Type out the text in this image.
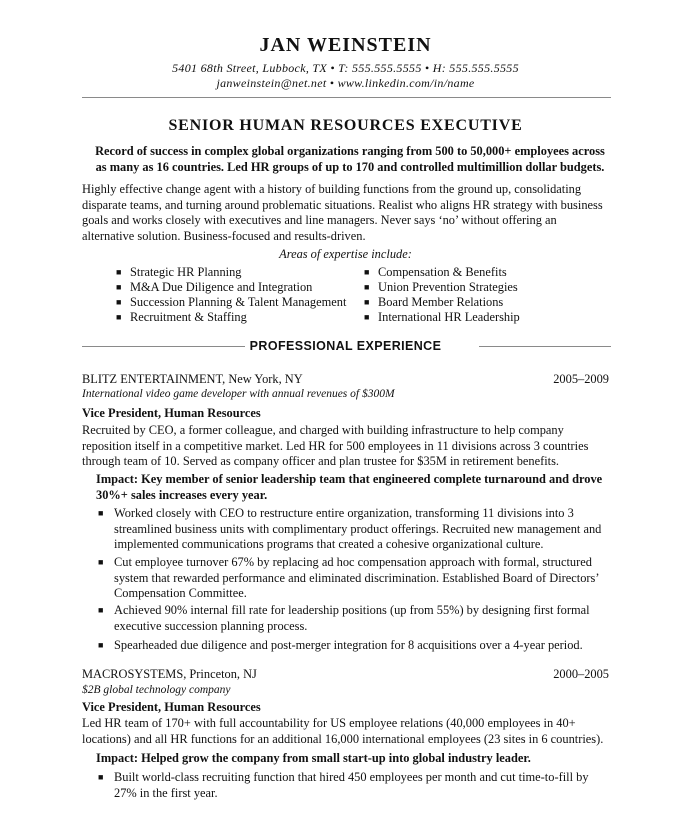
JAN WEINSTEIN
5401 68th Street, Lubbock, TX • T: 555.555.5555 • H: 555.555.5555
janweinstein@net.net • www.linkedin.com/in/name
SENIOR HUMAN RESOURCES EXECUTIVE
Record of success in complex global organizations ranging from 500 to 50,000+ employees across as many as 16 countries. Led HR groups of up to 170 and controlled multimillion dollar budgets.
Highly effective change agent with a history of building functions from the ground up, consolidating disparate teams, and turning around problematic situations. Realist who aligns HR strategy with business goals and works closely with executives and line managers. Never says ‘no’ without offering an alternative solution. Business-focused and results-driven.
Areas of expertise include:
■ Strategic HR Planning
■ M&A Due Diligence and Integration
■ Succession Planning & Talent Management
■ Recruitment & Staffing
■ Compensation & Benefits
■ Union Prevention Strategies
■ Board Member Relations
■ International HR Leadership
PROFESSIONAL EXPERIENCE
BLITZ ENTERTAINMENT, New York, NY	2005–2009
International video game developer with annual revenues of $300M
Vice President, Human Resources
Recruited by CEO, a former colleague, and charged with building infrastructure to help company reposition itself in a competitive market. Led HR for 500 employees in 11 divisions across 3 countries through team of 10. Served as company officer and plan trustee for $35M in retirement benefits.
Impact: Key member of senior leadership team that engineered complete turnaround and drove 30%+ sales increases every year.
■ Worked closely with CEO to restructure entire organization, transforming 11 divisions into 3 streamlined business units with complimentary product offerings. Recruited new management and implemented communications programs that created a cohesive organizational culture.
■ Cut employee turnover 67% by replacing ad hoc compensation approach with formal, structured system that rewarded performance and eliminated discrimination. Established Board of Directors’ Compensation Committee.
■ Achieved 90% internal fill rate for leadership positions (up from 55%) by designing first formal executive succession planning process.
■ Spearheaded due diligence and post-merger integration for 8 acquisitions over a 4-year period.
MACROSYSTEMS, Princeton, NJ	2000–2005
$2B global technology company
Vice President, Human Resources
Led HR team of 170+ with full accountability for US employee relations (40,000 employees in 40+ locations) and all HR functions for an additional 16,000 international employees (23 sites in 6 countries).
Impact: Helped grow the company from small start-up into global industry leader.
■ Built world-class recruiting function that hired 450 employees per month and cut time-to-fill by 27% in the first year.
